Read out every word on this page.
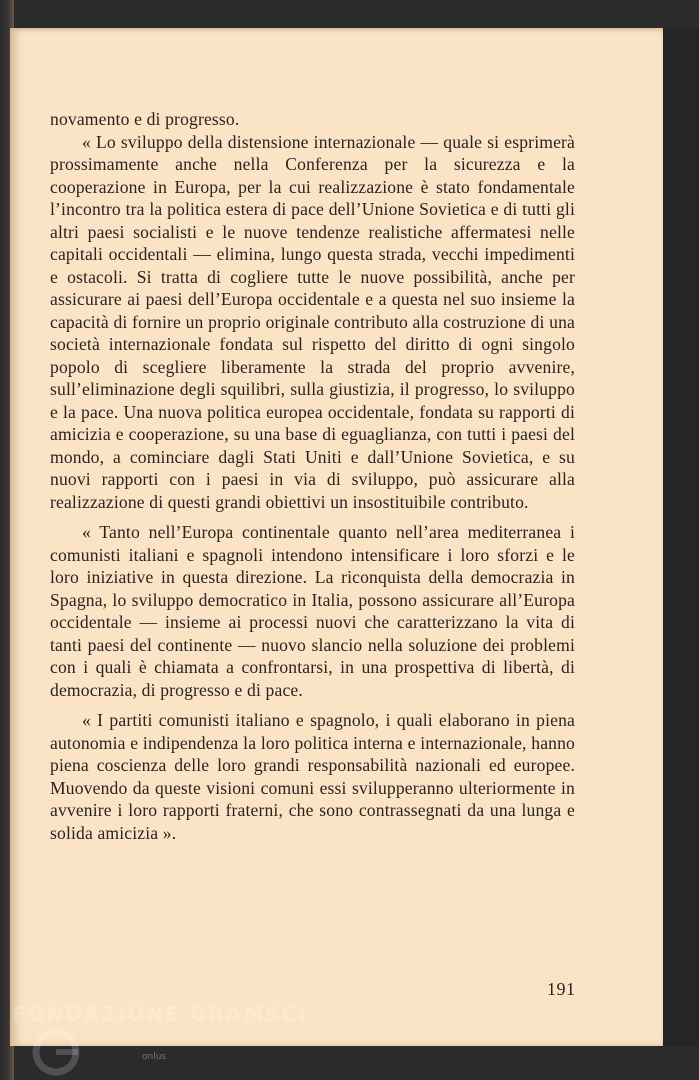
novamento e di progresso.

« Lo sviluppo della distensione internazionale — quale si esprimerà prossimamente anche nella Conferenza per la sicurezza e la cooperazione in Europa, per la cui realizzazione è stato fondamentale l’incontro tra la politica estera di pace dell’Unione Sovietica e di tutti gli altri paesi socialisti e le nuove tendenze realistiche affermatesi nelle capitali occidentali — elimina, lungo questa strada, vecchi impedimenti e ostacoli. Si tratta di cogliere tutte le nuove possibilità, anche per assicurare ai paesi dell’Europa occidentale e a questa nel suo insieme la capacità di fornire un proprio originale contributo alla costruzione di una società internazionale fondata sul rispetto del diritto di ogni singolo popolo di scegliere liberamente la strada del proprio avvenire, sull’eliminazione degli squilibri, sulla giustizia, il progresso, lo sviluppo e la pace. Una nuova politica europea occidentale, fondata su rapporti di amicizia e cooperazione, su una base di eguaglianza, con tutti i paesi del mondo, a cominciare dagli Stati Uniti e dall’Unione Sovietica, e su nuovi rapporti con i paesi in via di sviluppo, può assicurare alla realizzazione di questi grandi obiettivi un insostituibile contributo.

« Tanto nell’Europa continentale quanto nell’area mediterranea i comunisti italiani e spagnoli intendono intensificare i loro sforzi e le loro iniziative in questa direzione. La riconquista della democrazia in Spagna, lo sviluppo democratico in Italia, possono assicurare all’Europa occidentale — insieme ai processi nuovi che caratterizzano la vita di tanti paesi del continente — nuovo slancio nella soluzione dei problemi con i quali è chiamata a confrontarsi, in una prospettiva di libertà, di democrazia, di progresso e di pace.

« I partiti comunisti italiano e spagnolo, i quali elaborano in piena autonomia e indipendenza la loro politica interna e internazionale, hanno piena coscienza delle loro grandi responsabilità nazionali ed europee. Muovendo da queste visioni comuni essi svilupperanno ulteriormente in avvenire i loro rapporti fraterni, che sono contrassegnati da una lunga e solida amicizia ».

191
onlus
